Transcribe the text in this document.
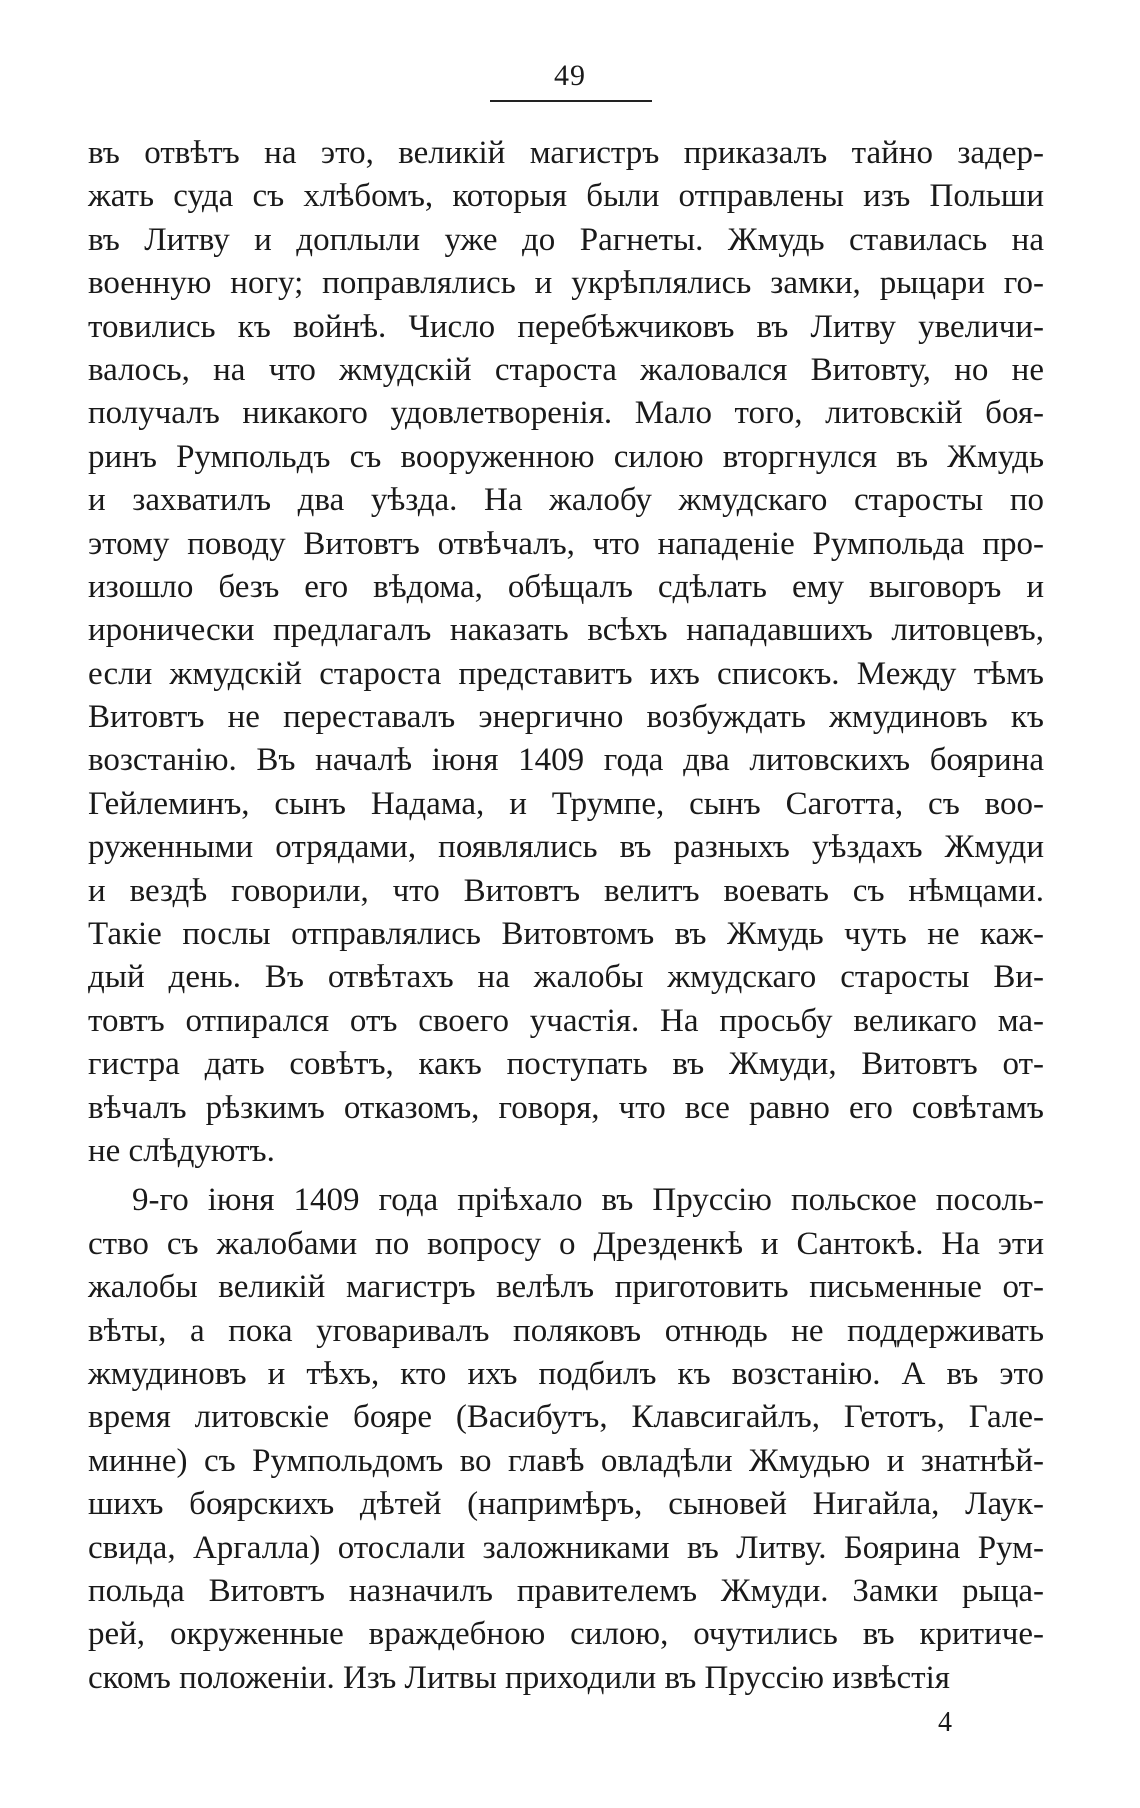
49
въ отвѣтъ на это, великій магистръ приказалъ тайно задер-
жать суда съ хлѣбомъ, которыя были отправлены изъ Польши
въ Литву и доплыли уже до Рагнеты. Жмудь ставилась на
военную ногу; поправлялись и укрѣплялись замки, рыцари го-
товились къ войнѣ. Число перебѣжчиковъ въ Литву увеличи-
валось, на что жмудскій староста жаловался Витовту, но не
получалъ никакого удовлетворенія. Мало того, литовскій боя-
ринъ Румпольдъ съ вооруженною силою вторгнулся въ Жмудь
и захватилъ два уѣзда. На жалобу жмудскаго старосты по
этому поводу Витовтъ отвѣчалъ, что нападеніе Румпольда про-
изошло безъ его вѣдома, обѣщалъ сдѣлать ему выговоръ и
иронически предлагалъ наказать всѣхъ нападавшихъ литовцевъ,
если жмудскій староста представитъ ихъ списокъ. Между тѣмъ
Витовтъ не переставалъ энергично возбуждать жмудиновъ къ
возстанію. Въ началѣ іюня 1409 года два литовскихъ боярина
Гейлеминъ, сынъ Надама, и Трумпе, сынъ Саготта, съ воо-
руженными отрядами, появлялись въ разныхъ уѣздахъ Жмуди
и вездѣ говорили, что Витовтъ велитъ воевать съ нѣмцами.
Такіе послы отправлялись Витовтомъ въ Жмудь чуть не каж-
дый день. Въ отвѣтахъ на жалобы жмудскаго старосты Ви-
товтъ отпирался отъ своего участія. На просьбу великаго ма-
гистра дать совѣтъ, какъ поступать въ Жмуди, Витовтъ от-
вѣчалъ рѣзкимъ отказомъ, говоря, что все равно его совѣтамъ
не слѣдуютъ.
9-го іюня 1409 года пріѣхало въ Пруссію польское посоль-
ство съ жалобами по вопросу о Дрезденкѣ и Сантокѣ. На эти
жалобы великій магистръ велѣлъ приготовить письменные от-
вѣты, а пока уговаривалъ поляковъ отнюдь не поддерживать
жмудиновъ и тѣхъ, кто ихъ подбилъ къ возстанію. А въ это
время литовскіе бояре (Васибутъ, Клавсигайлъ, Гетотъ, Гале-
минне) съ Румпольдомъ во главѣ овладѣли Жмудью и знатнѣй-
шихъ боярскихъ дѣтей (напримѣръ, сыновей Нигайла, Лаук-
свида, Аргалла) отослали заложниками въ Литву. Боярина Рум-
польда Витовтъ назначилъ правителемъ Жмуди. Замки рыца-
рей, окруженные враждебною силою, очутились въ критиче-
скомъ положеніи. Изъ Литвы приходили въ Пруссію извѣстія
4
